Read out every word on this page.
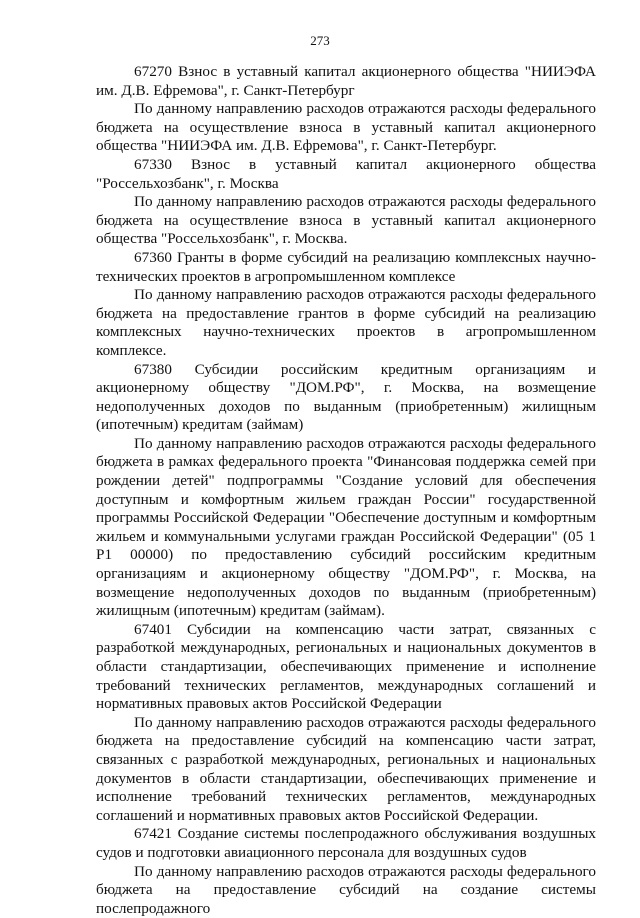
273

67270 Взнос в уставный капитал акционерного общества "НИИЭФА им. Д.В. Ефремова", г. Санкт-Петербург

По данному направлению расходов отражаются расходы федерального бюджета на осуществление взноса в уставный капитал акционерного общества "НИИЭФА им. Д.В. Ефремова", г. Санкт-Петербург.

67330 Взнос в уставный капитал акционерного общества "Россельхозбанк", г. Москва

По данному направлению расходов отражаются расходы федерального бюджета на осуществление взноса в уставный капитал акционерного общества "Россельхозбанк", г. Москва.

67360 Гранты в форме субсидий на реализацию комплексных научно-технических проектов в агропромышленном комплексе

По данному направлению расходов отражаются расходы федерального бюджета на предоставление грантов в форме субсидий на реализацию комплексных научно-технических проектов в агропромышленном комплексе.

67380 Субсидии российским кредитным организациям и акционерному обществу "ДОМ.РФ", г. Москва, на возмещение недополученных доходов по выданным (приобретенным) жилищным (ипотечным) кредитам (займам)

По данному направлению расходов отражаются расходы федерального бюджета в рамках федерального проекта "Финансовая поддержка семей при рождении детей" подпрограммы "Создание условий для обеспечения доступным и комфортным жильем граждан России" государственной программы Российской Федерации "Обеспечение доступным и комфортным жильем и коммунальными услугами граждан Российской Федерации" (05 1 P1 00000) по предоставлению субсидий российским кредитным организациям и акционерному обществу "ДОМ.РФ", г. Москва, на возмещение недополученных доходов по выданным (приобретенным) жилищным (ипотечным) кредитам (займам).

67401 Субсидии на компенсацию части затрат, связанных с разработкой международных, региональных и национальных документов в области стандартизации, обеспечивающих применение и исполнение требований технических регламентов, международных соглашений и нормативных правовых актов Российской Федерации

По данному направлению расходов отражаются расходы федерального бюджета на предоставление субсидий на компенсацию части затрат, связанных с разработкой международных, региональных и национальных документов в области стандартизации, обеспечивающих применение и исполнение требований технических регламентов, международных соглашений и нормативных правовых актов Российской Федерации.

67421 Создание системы послепродажного обслуживания воздушных судов и подготовки авиационного персонала для воздушных судов

По данному направлению расходов отражаются расходы федерального бюджета на предоставление субсидий на создание системы послепродажного
